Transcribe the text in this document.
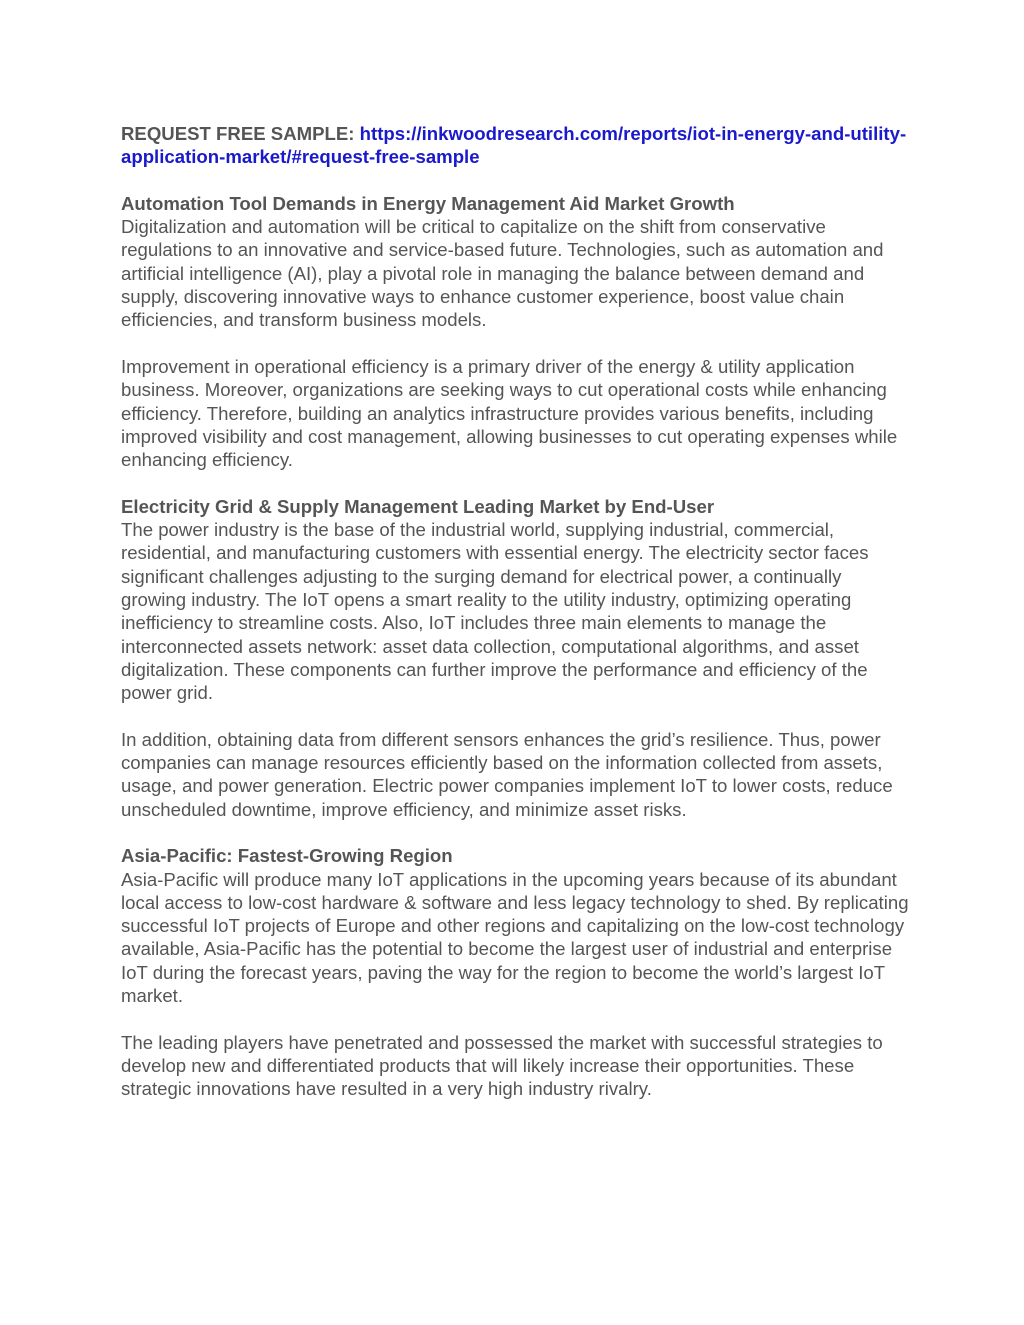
REQUEST FREE SAMPLE: https://inkwoodresearch.com/reports/iot-in-energy-and-utility-application-market/#request-free-sample

Automation Tool Demands in Energy Management Aid Market Growth

Digitalization and automation will be critical to capitalize on the shift from conservative regulations to an innovative and service-based future. Technologies, such as automation and artificial intelligence (AI), play a pivotal role in managing the balance between demand and supply, discovering innovative ways to enhance customer experience, boost value chain efficiencies, and transform business models.

Improvement in operational efficiency is a primary driver of the energy & utility application business. Moreover, organizations are seeking ways to cut operational costs while enhancing efficiency. Therefore, building an analytics infrastructure provides various benefits, including improved visibility and cost management, allowing businesses to cut operating expenses while enhancing efficiency.

Electricity Grid & Supply Management Leading Market by End-User

The power industry is the base of the industrial world, supplying industrial, commercial, residential, and manufacturing customers with essential energy. The electricity sector faces significant challenges adjusting to the surging demand for electrical power, a continually growing industry. The IoT opens a smart reality to the utility industry, optimizing operating inefficiency to streamline costs. Also, IoT includes three main elements to manage the interconnected assets network: asset data collection, computational algorithms, and asset digitalization. These components can further improve the performance and efficiency of the power grid.

In addition, obtaining data from different sensors enhances the grid’s resilience. Thus, power companies can manage resources efficiently based on the information collected from assets, usage, and power generation. Electric power companies implement IoT to lower costs, reduce unscheduled downtime, improve efficiency, and minimize asset risks.

Asia-Pacific: Fastest-Growing Region

Asia-Pacific will produce many IoT applications in the upcoming years because of its abundant local access to low-cost hardware & software and less legacy technology to shed. By replicating successful IoT projects of Europe and other regions and capitalizing on the low-cost technology available, Asia-Pacific has the potential to become the largest user of industrial and enterprise IoT during the forecast years, paving the way for the region to become the world’s largest IoT market.

The leading players have penetrated and possessed the market with successful strategies to develop new and differentiated products that will likely increase their opportunities. These strategic innovations have resulted in a very high industry rivalry.
